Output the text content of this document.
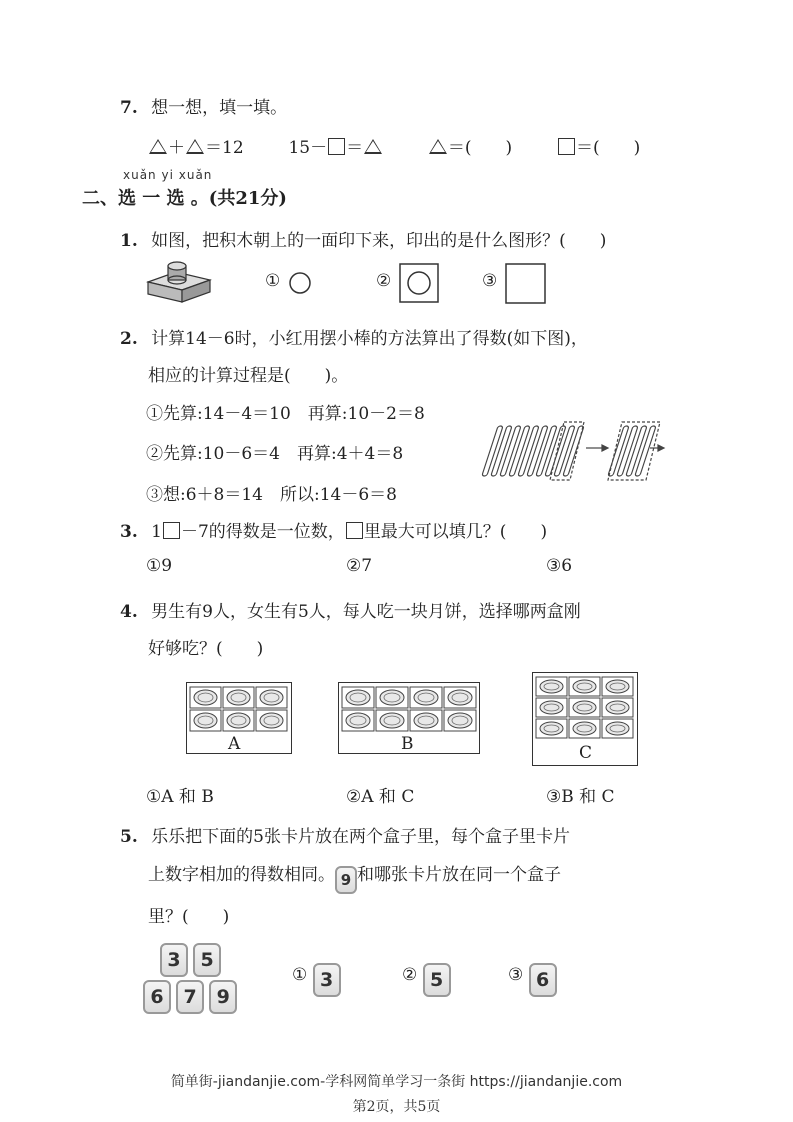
7. 想一想，填一填。
＋ ＝12	15－ ＝	＝(　　)	＝(　　)
xuǎn yi xuǎn
二、选 一 选 。(共21分)
1. 如图，把积木朝上的一面印下来，印出的是什么图形？(　　)
①	②	③
2. 计算14－6时，小红用摆小棒的方法算出了得数(如下图)，
相应的计算过程是(　　)。
①先算:14－4＝10　再算:10－2＝8
②先算:10－6＝4　再算:4＋4＝8
③想:6＋8＝14　所以:14－6＝8
3. 1 －7的得数是一位数， 里最大可以填几？(　　)
①9	②7	③6
4. 男生有9人，女生有5人，每人吃一块月饼，选择哪两盒刚
好够吃？(　　)
A	B	C
①A 和 B	②A 和 C	③B 和 C
5. 乐乐把下面的5张卡片放在两个盒子里，每个盒子里卡片
上数字相加的得数相同。 9 和哪张卡片放在同一个盒子
里？(　　)
3 5
6 7 9
① 3	② 5	③ 6
简单街-jiandanjie.com-学科网简单学习一条街 https://jiandanjie.com
第2页，共5页
